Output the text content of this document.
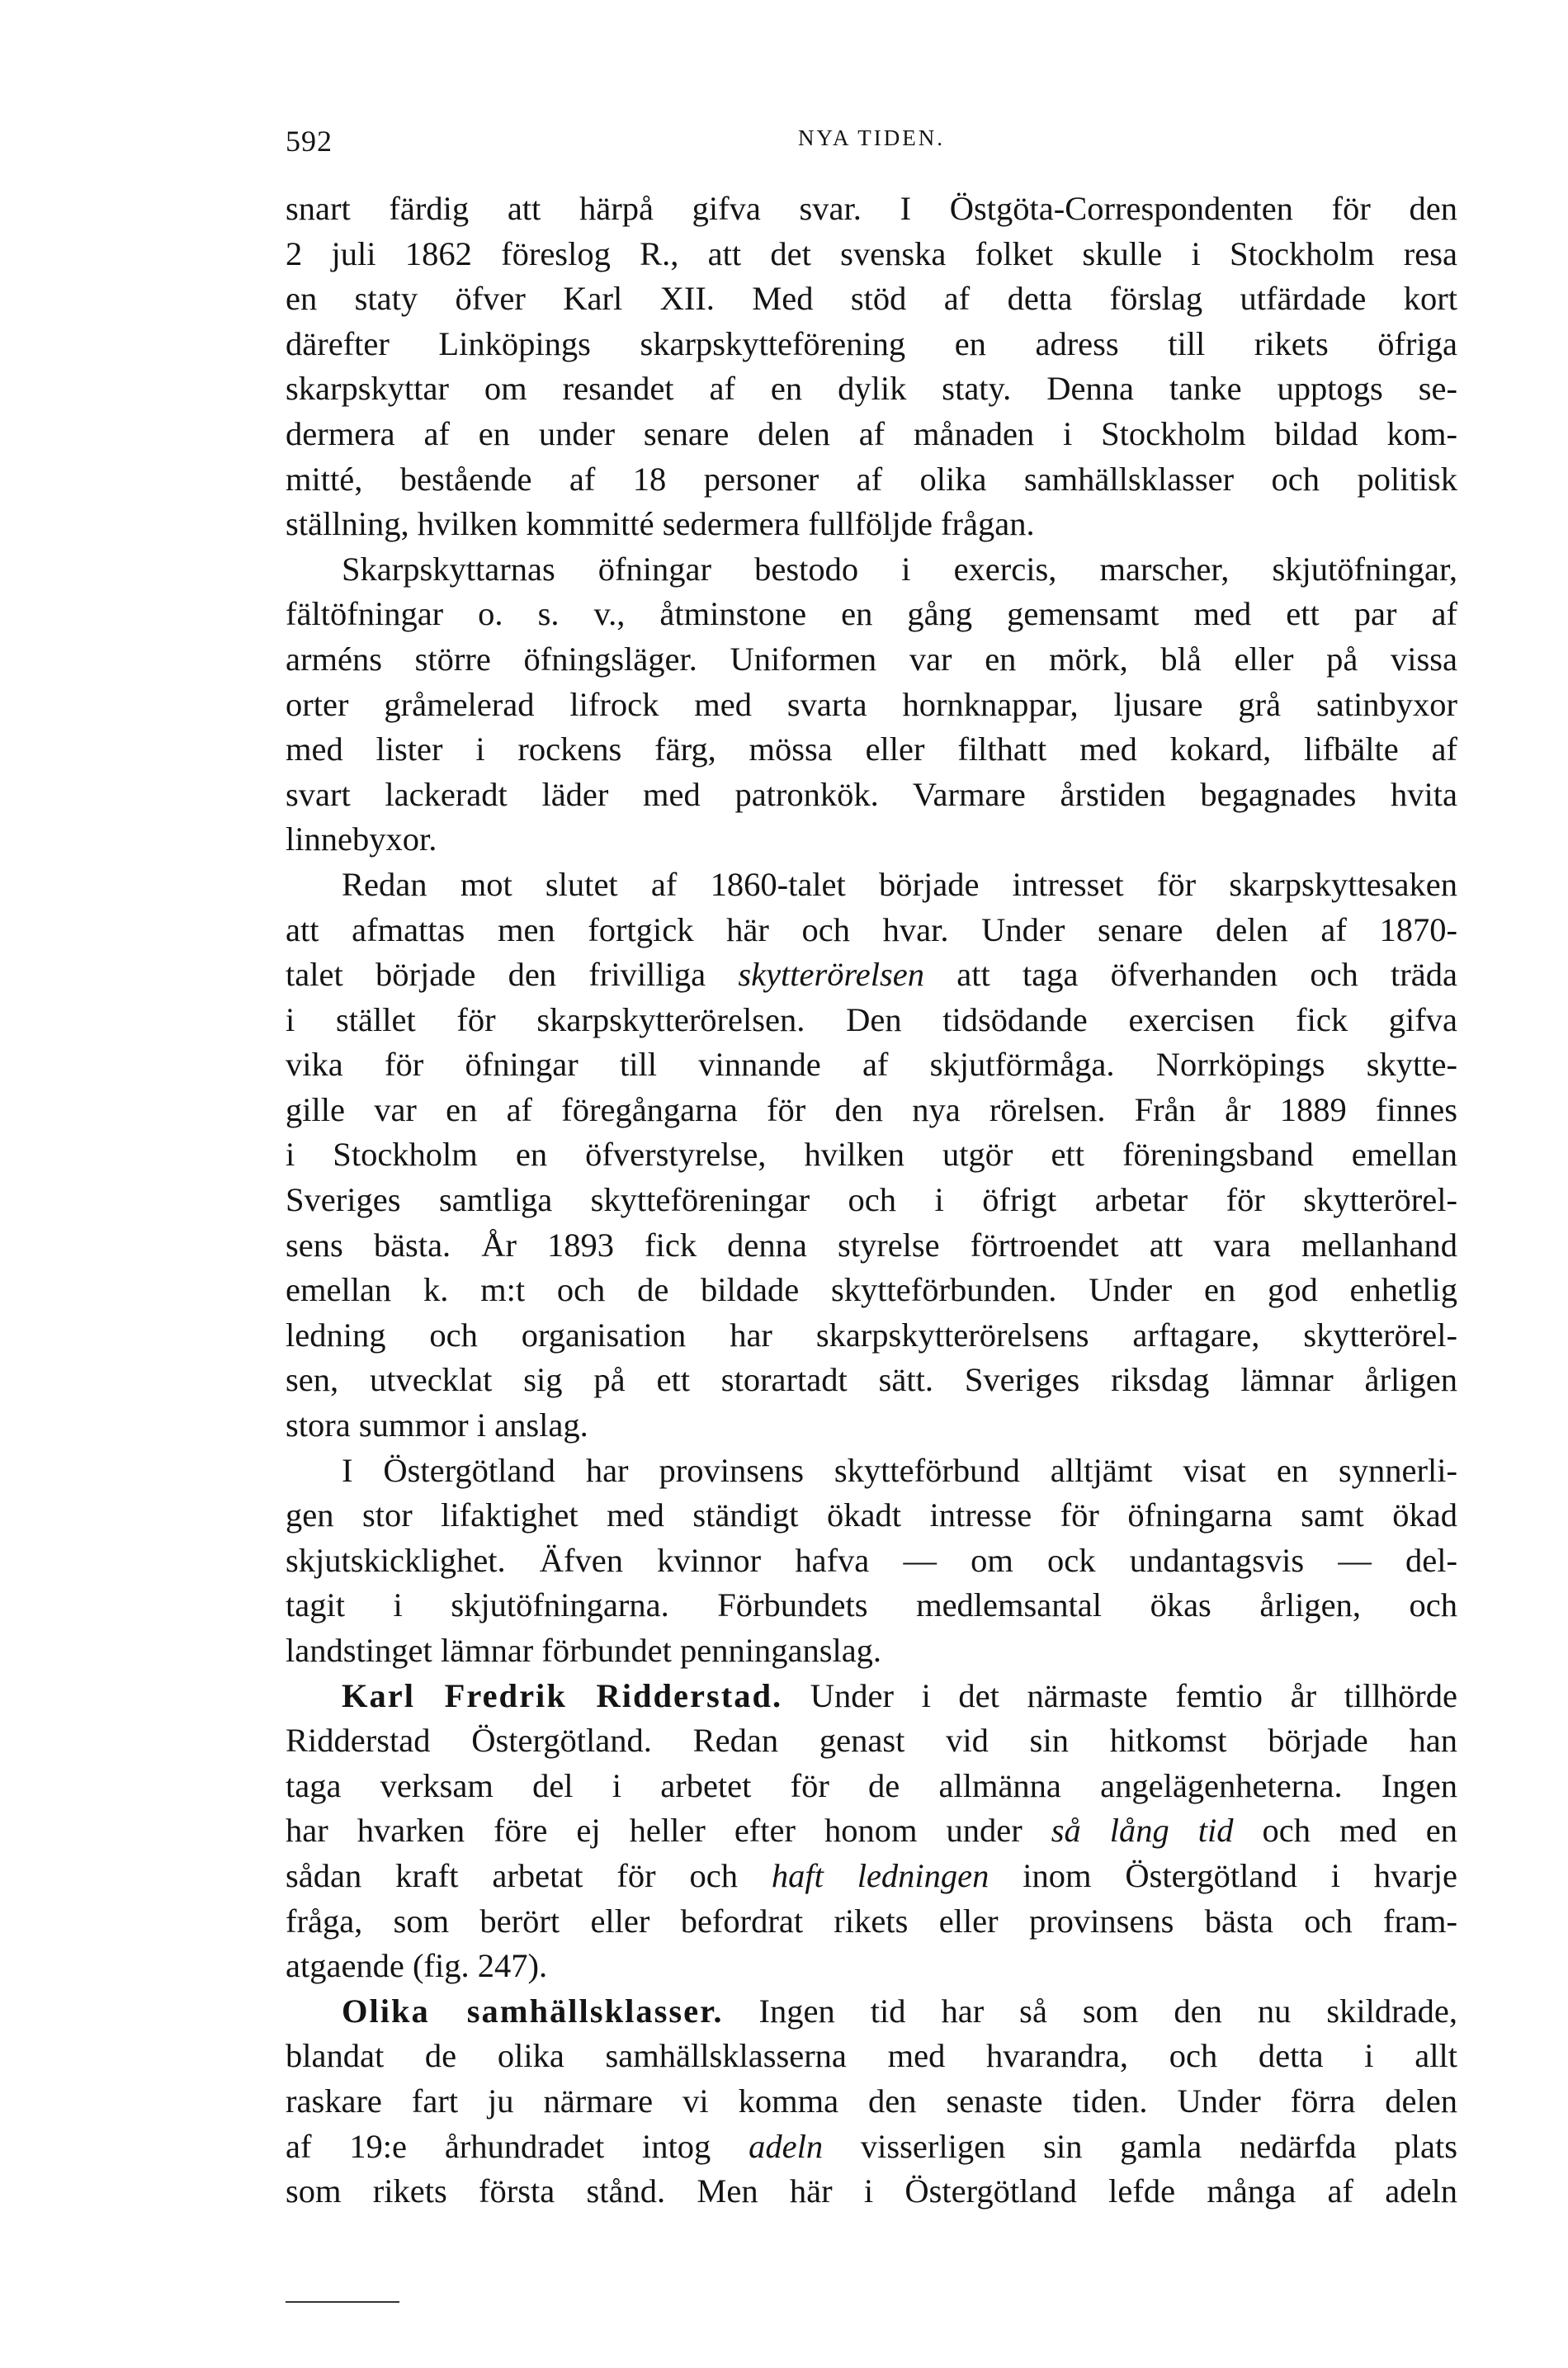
592	NYA TIDEN.
snart färdig att härpå gifva svar. I Östgöta-Correspondenten för den
2 juli 1862 föreslog R., att det svenska folket skulle i Stockholm resa
en staty öfver Karl XII. Med stöd af detta förslag utfärdade kort
därefter Linköpings skarpskytteförening en adress till rikets öfriga
skarpskyttar om resandet af en dylik staty. Denna tanke upptogs se-
dermera af en under senare delen af månaden i Stockholm bildad kom-
mitté, bestående af 18 personer af olika samhällsklasser och politisk
ställning, hvilken kommitté sedermera fullföljde frågan.
Skarpskyttarnas öfningar bestodo i exercis, marscher, skjutöfningar,
fältöfningar o. s. v., åtminstone en gång gemensamt med ett par af
arméns större öfningsläger. Uniformen var en mörk, blå eller på vissa
orter gråmelerad lifrock med svarta hornknappar, ljusare grå satinbyxor
med lister i rockens färg, mössa eller filthatt med kokard, lifbälte af
svart lackeradt läder med patronkök. Varmare årstiden begagnades hvita
linnebyxor.
Redan mot slutet af 1860-talet började intresset för skarpskyttesaken
att afmattas men fortgick här och hvar. Under senare delen af 1870-
talet började den frivilliga skytterörelsen att taga öfverhanden och träda
i stället för skarpskytterörelsen. Den tidsödande exercisen fick gifva
vika för öfningar till vinnande af skjutförmåga. Norrköpings skytte-
gille var en af föregångarna för den nya rörelsen. Från år 1889 finnes
i Stockholm en öfverstyrelse, hvilken utgör ett föreningsband emellan
Sveriges samtliga skytteföreningar och i öfrigt arbetar för skytterörel-
sens bästa. År 1893 fick denna styrelse förtroendet att vara mellanhand
emellan k. m:t och de bildade skytteförbunden. Under en god enhetlig
ledning och organisation har skarpskytterörelsens arftagare, skytterörel-
sen, utvecklat sig på ett storartadt sätt. Sveriges riksdag lämnar årligen
stora summor i anslag.
I Östergötland har provinsens skytteförbund alltjämt visat en synnerli-
gen stor lifaktighet med ständigt ökadt intresse för öfningarna samt ökad
skjutskicklighet. Äfven kvinnor hafva — om ock undantagsvis — del-
tagit i skjutöfningarna. Förbundets medlemsantal ökas årligen, och
landstinget lämnar förbundet penninganslag.
Karl Fredrik Ridderstad. Under i det närmaste femtio år tillhörde
Ridderstad Östergötland. Redan genast vid sin hitkomst började han
taga verksam del i arbetet för de allmänna angelägenheterna. Ingen
har hvarken före ej heller efter honom under så lång tid och med en
sådan kraft arbetat för och haft ledningen inom Östergötland i hvarje
fråga, som berört eller befordrat rikets eller provinsens bästa och fram-
atgaende (fig. 247).
Olika samhällsklasser. Ingen tid har så som den nu skildrade,
blandat de olika samhällsklasserna med hvarandra, och detta i allt
raskare fart ju närmare vi komma den senaste tiden. Under förra delen
af 19:e århundradet intog adeln visserligen sin gamla nedärfda plats
som rikets första stånd. Men här i Östergötland lefde många af adeln
